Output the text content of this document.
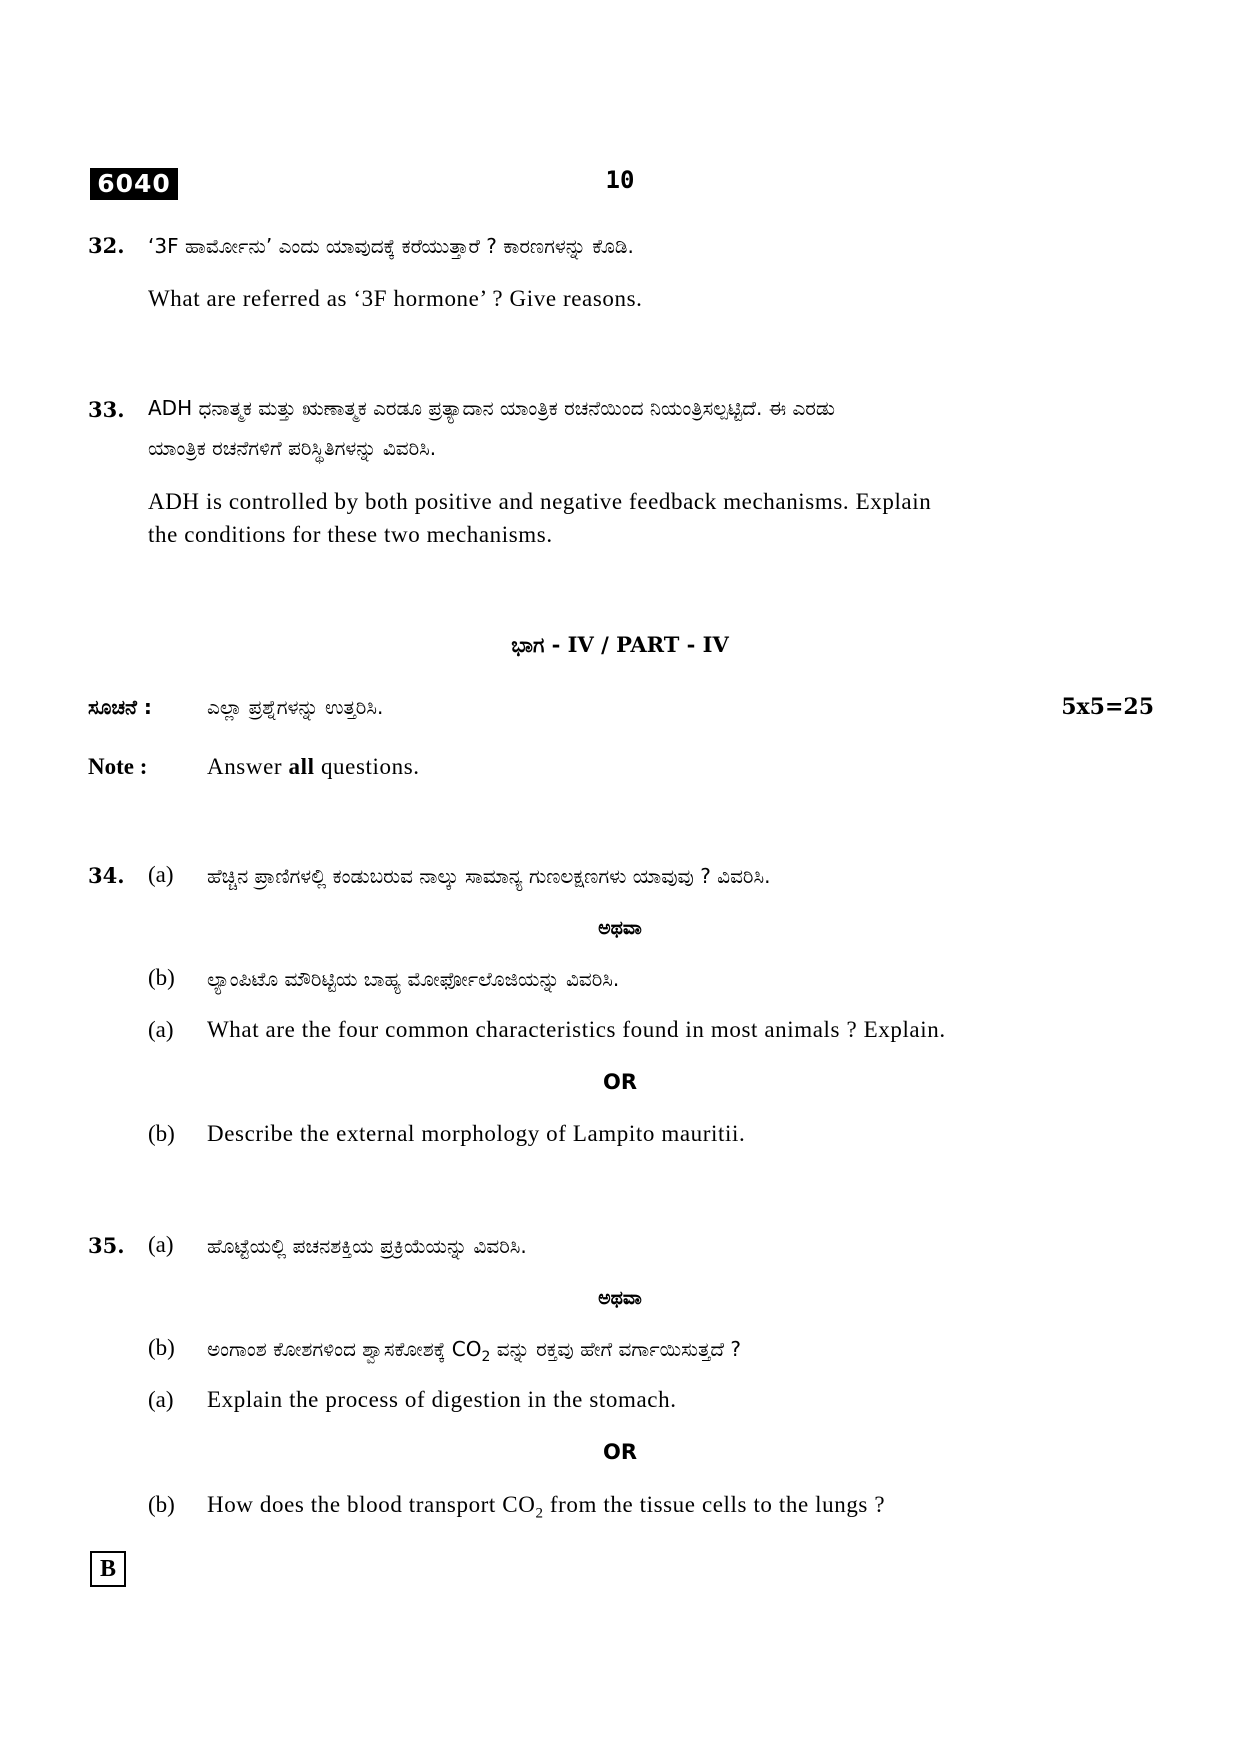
6040	10
32. ‘3F ಹಾರ್ಮೋನು’ ಎಂದು ಯಾವುದಕ್ಕೆ ಕರೆಯುತ್ತಾರೆ ? ಕಾರಣಗಳನ್ನು ಕೊಡಿ.
What are referred as ‘3F hormone’ ? Give reasons.
33. ADH ಧನಾತ್ಮಕ ಮತ್ತು ಋಣಾತ್ಮಕ ಎರಡೂ ಪ್ರತ್ಯಾದಾನ ಯಾಂತ್ರಿಕ ರಚನೆಯಿಂದ ನಿಯಂತ್ರಿಸಲ್ಪಟ್ಟಿದೆ. ಈ ಎರಡು
ಯಾಂತ್ರಿಕ ರಚನೆಗಳಿಗೆ ಪರಿಸ್ಥಿತಿಗಳನ್ನು ವಿವರಿಸಿ.
ADH is controlled by both positive and negative feedback mechanisms. Explain
the conditions for these two mechanisms.
ಭಾಗ - IV / PART - IV
ಸೂಚನೆ :	ಎಲ್ಲಾ ಪ್ರಶ್ನೆಗಳನ್ನು ಉತ್ತರಿಸಿ.	5x5=25
Note :	Answer all questions.
34. (a) ಹೆಚ್ಚಿನ ಪ್ರಾಣಿಗಳಲ್ಲಿ ಕಂಡುಬರುವ ನಾಲ್ಕು ಸಾಮಾನ್ಯ ಗುಣಲಕ್ಷಣಗಳು ಯಾವುವು ? ವಿವರಿಸಿ.
ಅಥವಾ
(b) ಲ್ಯಾಂಪಿಟೊ ಮೌರಿಟ್ಟಿಯ ಬಾಹ್ಯ ಮೋರ್ಫೋಲೊಜಿಯನ್ನು ವಿವರಿಸಿ.
(a) What are the four common characteristics found in most animals ? Explain.
OR
(b) Describe the external morphology of Lampito mauritii.
35. (a) ಹೊಟ್ಟೆಯಲ್ಲಿ ಪಚನಶಕ್ತಿಯ ಪ್ರಕ್ರಿಯೆಯನ್ನು ವಿವರಿಸಿ.
ಅಥವಾ
(b) ಅಂಗಾಂಶ ಕೋಶಗಳಿಂದ ಶ್ವಾಸಕೋಶಕ್ಕೆ $CO_2$ ವನ್ನು ರಕ್ತವು ಹೇಗೆ ವರ್ಗಾಯಿಸುತ್ತದೆ ?
(a) Explain the process of digestion in the stomach.
OR
(b) How does the blood transport $CO_2$ from the tissue cells to the lungs ?
B
